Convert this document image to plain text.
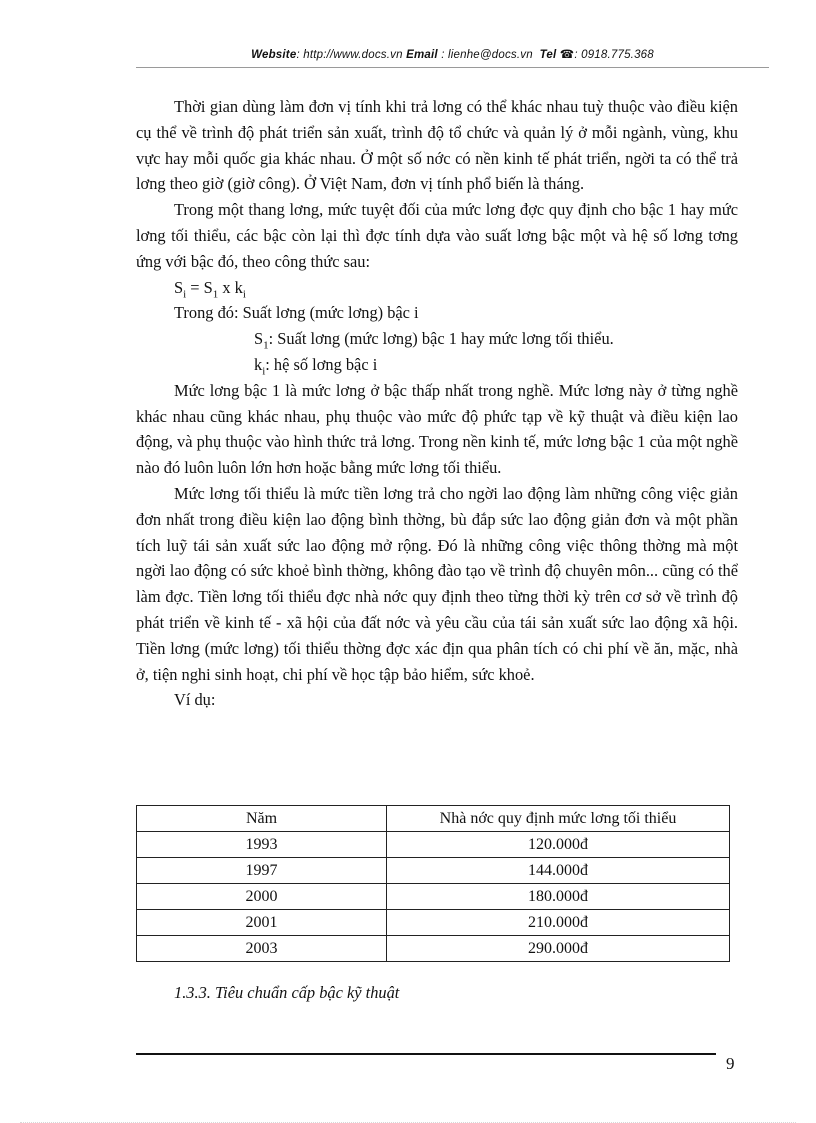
Website: http://www.docs.vn Email : lienhe@docs.vn Tel ☎: 0918.775.368

Thời gian dùng làm đơn vị tính khi trả lơng có thể khác nhau tuỳ thuộc vào điều kiện cụ thể về trình độ phát triển sản xuất, trình độ tổ chức và quản lý ở mỗi ngành, vùng, khu vực hay mỗi quốc gia khác nhau. Ở một số nớc có nền kinh tế phát triển, ngời ta có thể trả lơng theo giờ (giờ công). Ở Việt Nam, đơn vị tính phổ biến là tháng.

Trong một thang lơng, mức tuyệt đối của mức lơng đợc quy định cho bậc 1 hay mức lơng tối thiểu, các bậc còn lại thì đợc tính dựa vào suất lơng bậc một và hệ số lơng tơng ứng với bậc đó, theo công thức sau:

$S_i = S_1$ x $k_i$
Trong đó: Suất lơng (mức lơng) bậc i
$S_1$: Suất lơng (mức lơng) bậc 1 hay mức lơng tối thiểu.
$k_i$: hệ số lơng bậc i

Mức lơng bậc 1 là mức lơng ở bậc thấp nhất trong nghề. Mức lơng này ở từng nghề khác nhau cũng khác nhau, phụ thuộc vào mức độ phức tạp về kỹ thuật và điều kiện lao động, và phụ thuộc vào hình thức trả lơng. Trong nền kinh tế, mức lơng bậc 1 của một nghề nào đó luôn luôn lớn hơn hoặc bằng mức lơng tối thiểu.

Mức lơng tối thiểu là mức tiền lơng trả cho ngời lao động làm những công việc giản đơn nhất trong điều kiện lao động bình thờng, bù đắp sức lao động giản đơn và một phần tích luỹ tái sản xuất sức lao động mở rộng. Đó là những công việc thông thờng mà một ngời lao động có sức khoẻ bình thờng, không đào tạo về trình độ chuyên môn... cũng có thể làm đợc. Tiền lơng tối thiểu đợc nhà nớc quy định theo từng thời kỳ trên cơ sở về trình độ phát triển về kinh tế - xã hội của đất nớc và yêu cầu của tái sản xuất sức lao động xã hội. Tiền lơng (mức lơng) tối thiểu thờng đợc xác địn qua phân tích có chi phí về ăn, mặc, nhà ở, tiện nghi sinh hoạt, chi phí về học tập bảo hiểm, sức khoẻ.

Ví dụ:
Năm	Nhà nớc quy định mức lơng tối thiểu
1993	120.000đ
1997	144.000đ
2000	180.000đ
2001	210.000đ
2003	290.000đ
1.3.3. Tiêu chuẩn cấp bậc kỹ thuật
9
